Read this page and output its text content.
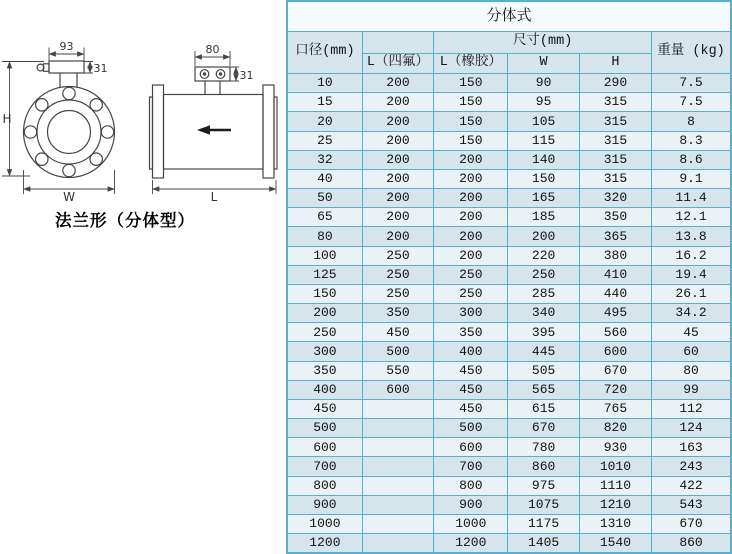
93
31
H
W
80
31
L
法兰形（分体型）
分体式					
口径(mm)		尺寸(mm)			重量 (kg)
	L（四氟）	L（橡胶）	W	H	
10	200	150	90	290	7.5
15	200	150	95	315	7.5
20	200	150	105	315	8
25	200	150	115	315	8.3
32	200	200	140	315	8.6
40	200	200	150	315	9.1
50	200	200	165	320	11.4
65	200	200	185	350	12.1
80	200	200	200	365	13.8
100	250	200	220	380	16.2
125	250	250	250	410	19.4
150	250	250	285	440	26.1
200	350	300	340	495	34.2
250	450	350	395	560	45
300	500	400	445	600	60
350	550	450	505	670	80
400	600	450	565	720	99
450		450	615	765	112
500		500	670	820	124
600		600	780	930	163
700		700	860	1010	243
800		800	975	1110	422
900		900	1075	1210	543
1000		1000	1175	1310	670
1200		1200	1405	1540	860
